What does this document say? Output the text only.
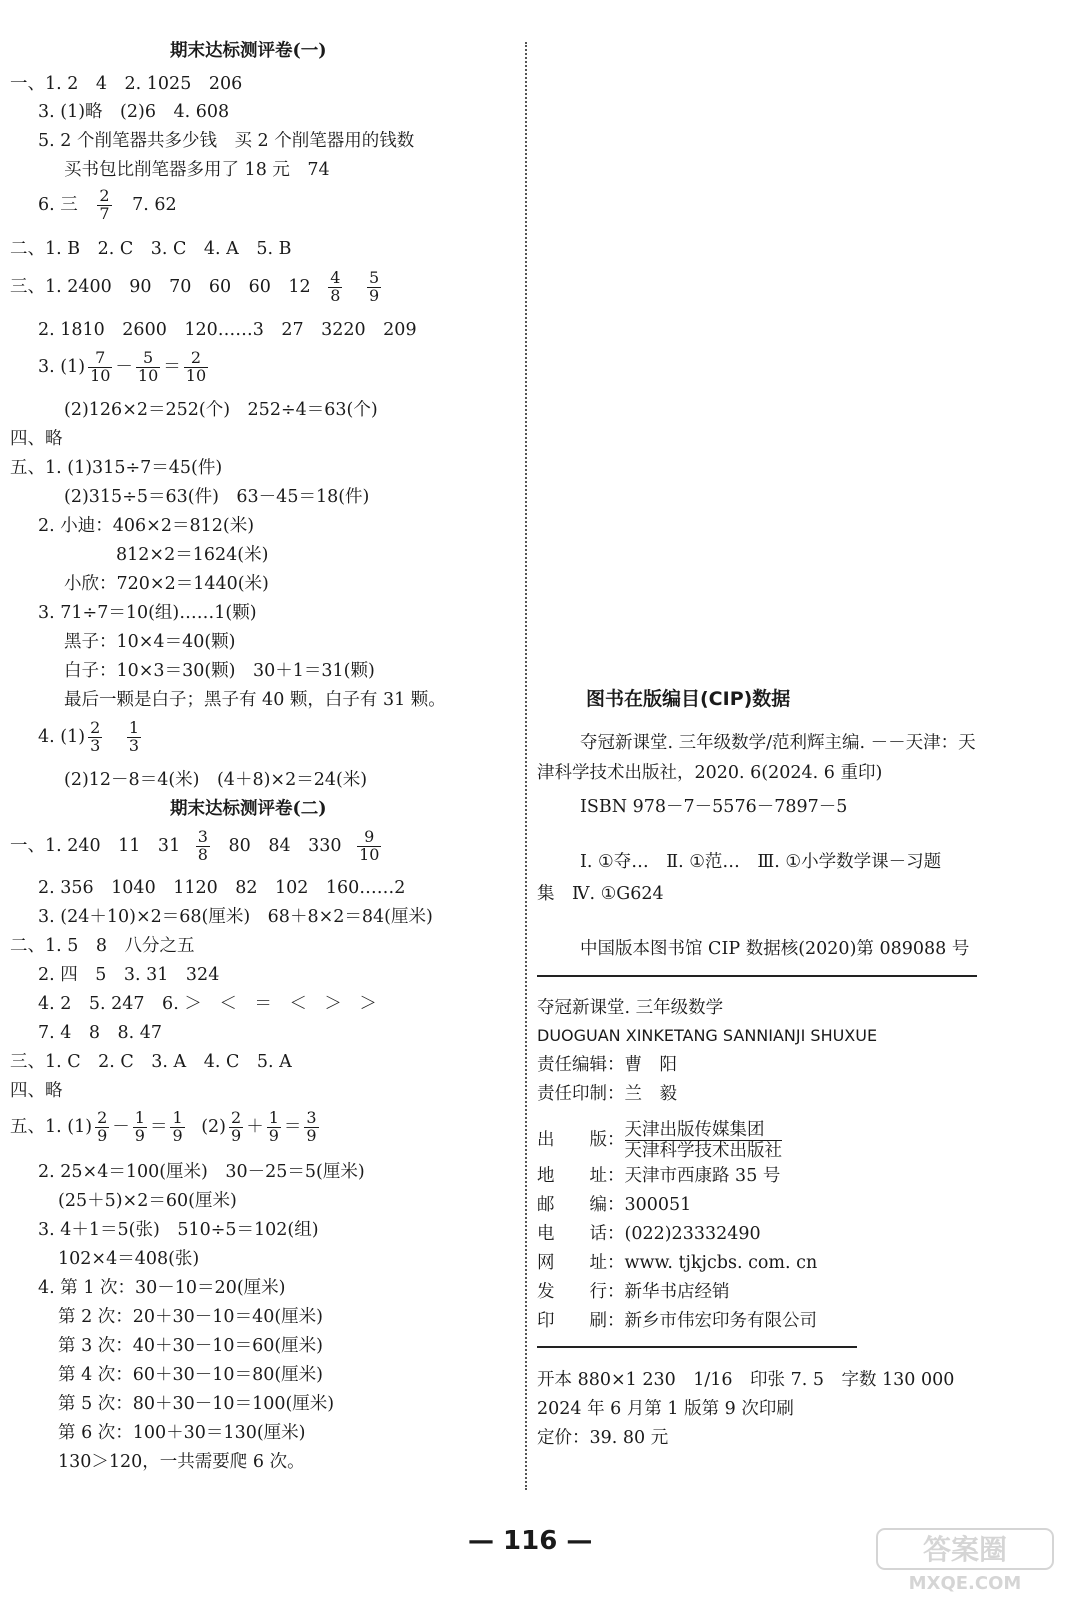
期末达标测评卷(一)
一、1. 2　4　2. 1025　206
3. (1)略　(2)6　4. 608
5. 2 个削笔器共多少钱　买 2 个削笔器用的钱数
买书包比削笔器多用了 18 元　74
6. 三 $\frac{2}{7} 7$. 62
二、1. B　2. C　3. C　4. A　5. B
三、1. 2400　90　70　60　60　$12 \frac{4}{8}$
$\frac{5}{9}$
2. 1810　2600　120……3　27　3220　209
3. $(1) \frac{7}{10} - \frac{5}{10} = \frac{2}{10}$
(2)126×2＝252(个)　252÷4＝63(个)
四、略
五、1. (1)315÷7＝45(件)
(2)315÷5＝63(件)　63－45＝18(件)
2. 小迪：406×2＝812(米)
812×2＝1624(米)
小欣：720×2＝1440(米)
3. 71÷7＝10(组)……1(颗)
黑子：10×4＝40(颗)
白子：10×3＝30(颗)　30＋1＝31(颗)
最后一颗是白子；黑子有 40 颗，白子有 31 颗。
4. $(1) \frac{2}{3}$
$\frac{1}{3}$
(2)12－8＝4(米)　(4＋8)×2＝24(米)
期末达标测评卷(二)
一、1. 240　11　$31 \frac{3}{8} 80$　84　$330 \frac{9}{10}$
2. 356　1040　1120　82　102　160……2
3. (24＋10)×2＝68(厘米)　68＋8×2＝84(厘米)
二、1. 5　8　八分之五
2. 四　5　3. 31　324
4. 2　5. 247　6. ＞　＜　＝　＜　＞　＞
7. 4　8　8. 47
三、1. C　2. C　3. A　4. C　5. A
四、略
五、1. $(1) \frac{2}{9} - \frac{1}{9} = \frac{1}{9} (2) \frac{2}{9} + \frac{1}{9} = \frac{3}{9}$
2. 25×4＝100(厘米)　30－25＝5(厘米)
(25＋5)×2＝60(厘米)
3. 4＋1＝5(张)　510÷5＝102(组)
102×4＝408(张)
4. 第 1 次：30－10＝20(厘米)
第 2 次：20＋30－10＝40(厘米)
第 3 次：40＋30－10＝60(厘米)
第 4 次：60＋30－10＝80(厘米)
第 5 次：80＋30－10＝100(厘米)
第 6 次：100＋30＝130(厘米)
130＞120，一共需要爬 6 次。
图书在版编目(CIP)数据
夺冠新课堂. 三年级数学/范利辉主编. －－天津：天
津科学技术出版社，2020. 6(2024. 6 重印)
ISBN 978－7－5576－7897－5
Ⅰ. ①夺…　Ⅱ. ①范…　Ⅲ. ①小学数学课－习题
集　Ⅳ. ①G624
中国版本图书馆 CIP 数据核(2020)第 089088 号
夺冠新课堂. 三年级数学
DUOGUAN XINKETANG SANNIANJI SHUXUE
责任编辑：曹　阳
责任印制：兰　毅
出　　版：
天津出版传媒集团
天津科学技术出版社
地　　址：天津市西康路 35 号
邮　　编：300051
电　　话：(022)23332490
网　　址：www. tjkjcbs. com. cn
发　　行：新华书店经销
印　　刷：新乡市伟宏印务有限公司
开本 880×1 230　1/16　印张 7. 5　字数 130 000
2024 年 6 月第 1 版第 9 次印刷
定价：39. 80 元
— 116 —	答案圈
MXQE.COM
